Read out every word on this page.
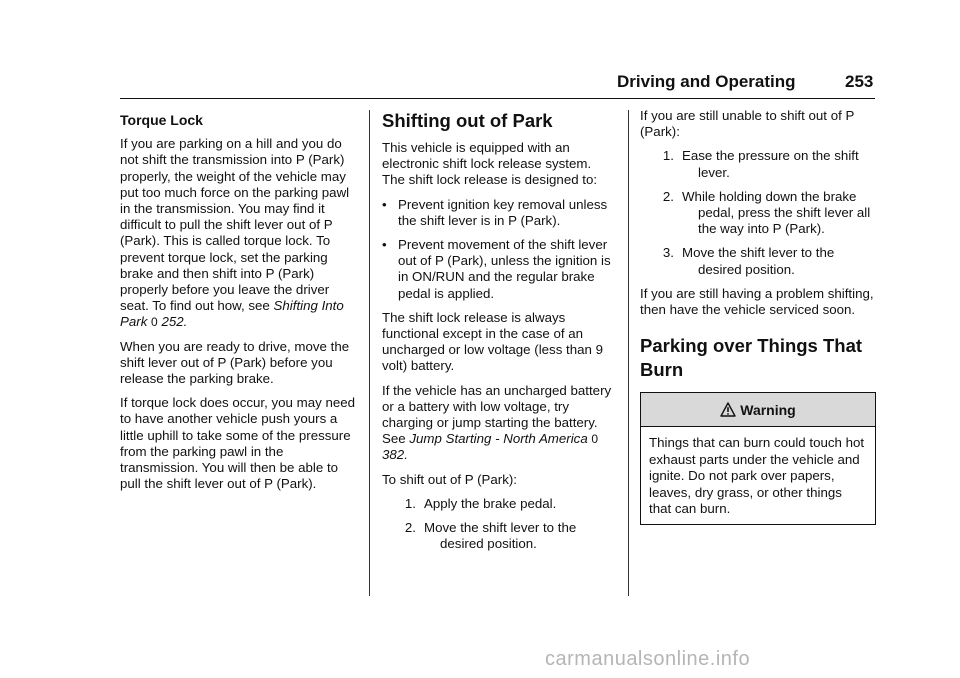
Driving and Operating	253

Torque Lock

If you are parking on a hill and you do not shift the transmission into P (Park) properly, the weight of the vehicle may put too much force on the parking pawl in the transmission. You may find it difficult to pull the shift lever out of P (Park). This is called torque lock. To prevent torque lock, set the parking brake and then shift into P (Park) properly before you leave the driver seat. To find out how, see Shifting Into Park 0 252.

When you are ready to drive, move the shift lever out of P (Park) before you release the parking brake.

If torque lock does occur, you may need to have another vehicle push yours a little uphill to take some of the pressure from the parking pawl in the transmission. You will then be able to pull the shift lever out of P (Park).

Shifting out of Park

This vehicle is equipped with an electronic shift lock release system. The shift lock release is designed to:

• Prevent ignition key removal unless the shift lever is in P (Park).
• Prevent movement of the shift lever out of P (Park), unless the ignition is in ON/RUN and the regular brake pedal is applied.

The shift lock release is always functional except in the case of an uncharged or low voltage (less than 9 volt) battery.

If the vehicle has an uncharged battery or a battery with low voltage, try charging or jump starting the battery. See Jump Starting - North America 0 382.

To shift out of P (Park):

1. Apply the brake pedal.
2. Move the shift lever to the
desired position.

If you are still unable to shift out of P (Park):

1. Ease the pressure on the shift
lever.
2. While holding down the brake
pedal, press the shift lever all the way into P (Park).
3. Move the shift lever to the
desired position.

If you are still having a problem shifting, then have the vehicle serviced soon.

Parking over Things That Burn

Warning
Things that can burn could touch hot exhaust parts under the vehicle and ignite. Do not park over papers, leaves, dry grass, or other things that can burn.
carmanualsonline.info
